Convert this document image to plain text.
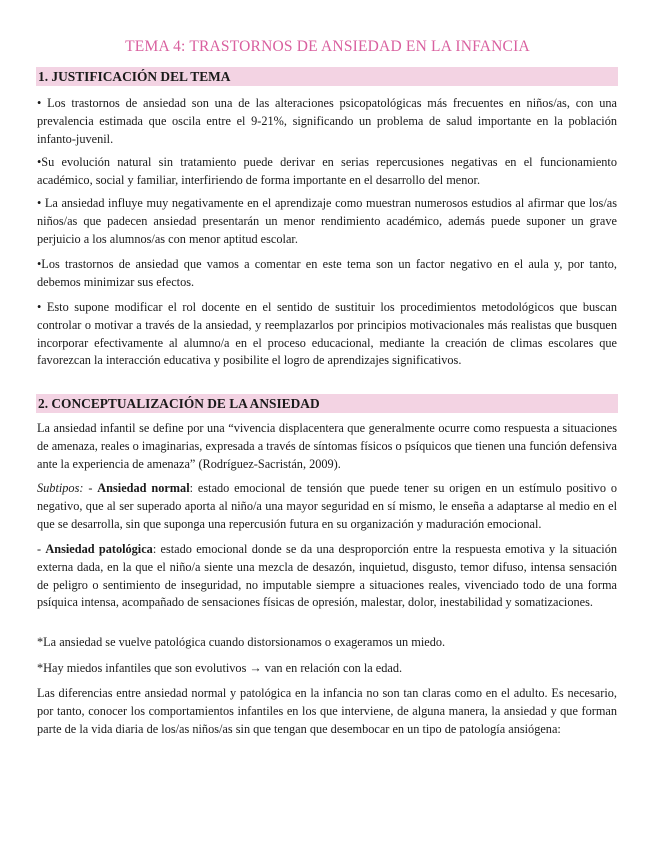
TEMA 4: TRASTORNOS DE ANSIEDAD EN LA INFANCIA
1. JUSTIFICACIÓN DEL TEMA

• Los trastornos de ansiedad son una de las alteraciones psicopatológicas más frecuentes en niños/as, con una prevalencia estimada que oscila entre el 9-21%, significando un problema de salud importante en la población infanto-juvenil.

•Su evolución natural sin tratamiento puede derivar en serias repercusiones negativas en el funcionamiento académico, social y familiar, interfiriendo de forma importante en el desarrollo del menor.

• La ansiedad influye muy negativamente en el aprendizaje como muestran numerosos estudios al afirmar que los/as niños/as que padecen ansiedad presentarán un menor rendimiento académico, además puede suponer un grave perjuicio a los alumnos/as con menor aptitud escolar.

•Los trastornos de ansiedad que vamos a comentar en este tema son un factor negativo en el aula y, por tanto, debemos minimizar sus efectos.

• Esto supone modificar el rol docente en el sentido de sustituir los procedimientos metodológicos que buscan controlar o motivar a través de la ansiedad, y reemplazarlos por principios motivacionales más realistas que busquen incorporar efectivamente al alumno/a en el proceso educacional, mediante la creación de climas escolares que favorezcan la interacción educativa y posibilite el logro de aprendizajes significativos.

2. CONCEPTUALIZACIÓN DE LA ANSIEDAD

La ansiedad infantil se define por una “vivencia displacentera que generalmente ocurre como respuesta a situaciones de amenaza, reales o imaginarias, expresada a través de síntomas físicos o psíquicos que tienen una función defensiva ante la experiencia de amenaza” (Rodríguez-Sacristán, 2009).

Subtipos: - Ansiedad normal: estado emocional de tensión que puede tener su origen en un estímulo positivo o negativo, que al ser superado aporta al niño/a una mayor seguridad en sí mismo, le enseña a adaptarse al medio en el que se desarrolla, sin que suponga una repercusión futura en su organización y maduración emocional.

- Ansiedad patológica: estado emocional donde se da una desproporción entre la respuesta emotiva y la situación externa dada, en la que el niño/a siente una mezcla de desazón, inquietud, disgusto, temor difuso, intensa sensación de peligro o sentimiento de inseguridad, no imputable siempre a situaciones reales, vivenciado todo de una forma psíquica intensa, acompañado de sensaciones físicas de opresión, malestar, dolor, inestabilidad y somatizaciones.

*La ansiedad se vuelve patológica cuando distorsionamos o exageramos un miedo.

*Hay miedos infantiles que son evolutivos → van en relación con la edad.

Las diferencias entre ansiedad normal y patológica en la infancia no son tan claras como en el adulto. Es necesario, por tanto, conocer los comportamientos infantiles en los que interviene, de alguna manera, la ansiedad y que forman parte de la vida diaria de los/as niños/as sin que tengan que desembocar en un tipo de patología ansiógena:
